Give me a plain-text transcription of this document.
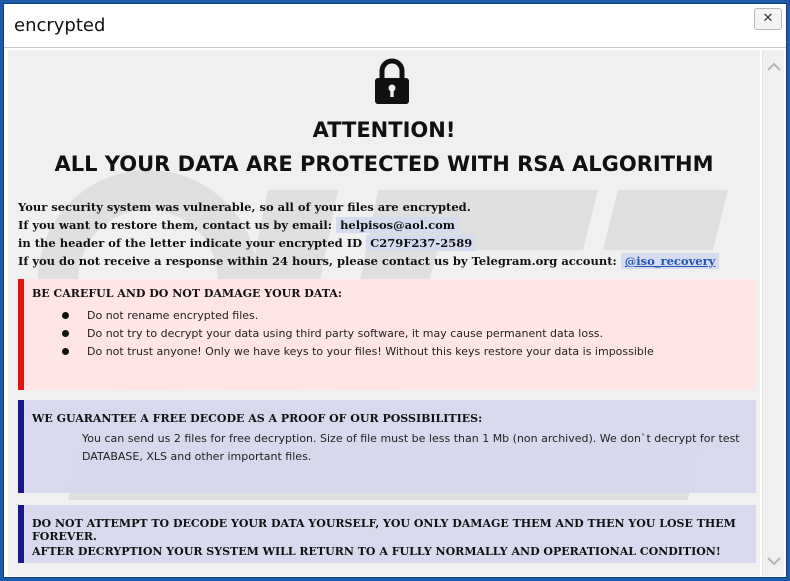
encrypted	✕
ATTENTION!
ALL YOUR DATA ARE PROTECTED WITH RSA ALGORITHM
Your security system was vulnerable, so all of your files are encrypted.
If you want to restore them, contact us by email: helpisos@aol.com
in the header of the letter indicate your encrypted ID C279F237-2589
If you do not receive a response within 24 hours, please contact us by Telegram.org account: @iso_recovery
BE CAREFUL AND DO NOT DAMAGE YOUR DATA:
Do not rename encrypted files.
Do not try to decrypt your data using third party software, it may cause permanent data loss.
Do not trust anyone! Only we have keys to your files! Without this keys restore your data is impossible
WE GUARANTEE A FREE DECODE AS A PROOF OF OUR POSSIBILITIES:
You can send us 2 files for free decryption. Size of file must be less than 1 Mb (non archived). We don`t decrypt for test DATABASE, XLS and other important files.
DO NOT ATTEMPT TO DECODE YOUR DATA YOURSELF, YOU ONLY DAMAGE THEM AND THEN YOU LOSE THEM FOREVER.
AFTER DECRYPTION YOUR SYSTEM WILL RETURN TO A FULLY NORMALLY AND OPERATIONAL CONDITION!
